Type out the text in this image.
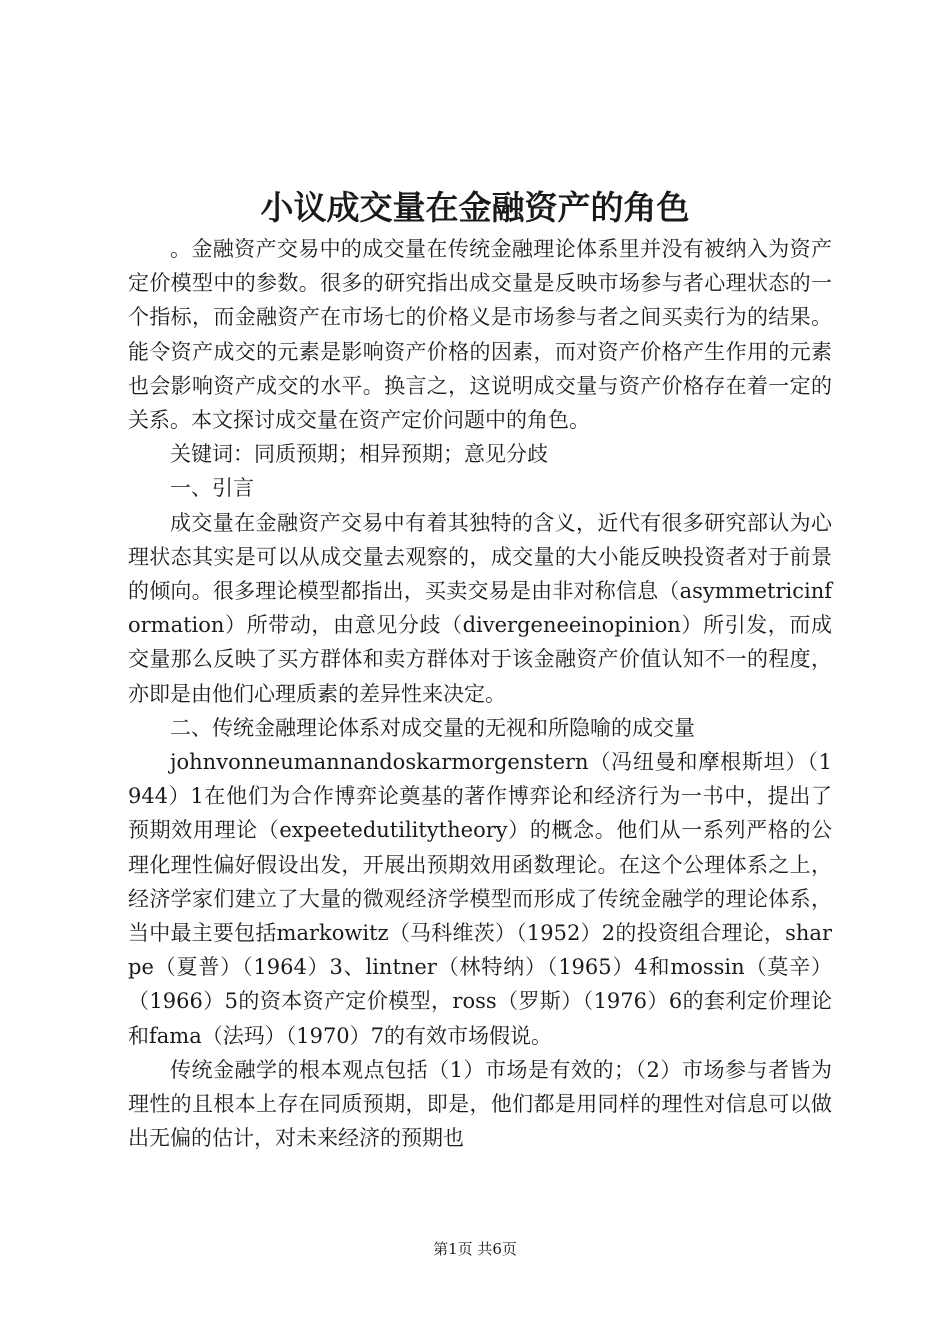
小议成交量在金融资产的角色

。金融资产交易中的成交量在传统金融理论体系里并没有被纳入为资产定价模型中的参数。很多的研究指出成交量是反映市场参与者心理状态的一个指标，而金融资产在市场七的价格义是市场参与者之间买卖行为的结果。能令资产成交的元素是影响资产价格的因素，而对资产价格产生作用的元素也会影响资产成交的水平。换言之，这说明成交量与资产价格存在着一定的关系。本文探讨成交量在资产定价问题中的角色。

关键词：同质预期；相异预期；意见分歧

一、引言

成交量在金融资产交易中有着其独特的含义，近代有很多研究部认为心理状态其实是可以从成交量去观察的，成交量的大小能反映投资者对于前景的倾向。很多理论模型都指出，买卖交易是由非对称信息（asymmetricinformation）所带动，由意见分歧（divergeneeinopinion）所引发，而成交量那么反映了买方群体和卖方群体对于该金融资产价值认知不一的程度，亦即是由他们心理质素的差异性来决定。

二、传统金融理论体系对成交量的无视和所隐喻的成交量

johnvonneumannandoskarmorgenstern（冯纽曼和摩根斯坦）（1944）1在他们为合作博弈论奠基的著作博弈论和经济行为一书中，提出了预期效用理论（expeetedutilitytheory）的概念。他们从一系列严格的公理化理性偏好假设出发，开展出预期效用函数理论。在这个公理体系之上，经济学家们建立了大量的微观经济学模型而形成了传统金融学的理论体系，当中最主要包括markowitz（马科维茨）（1952）2的投资组合理论，sharpe（夏普）（1964）3、lintner（林特纳）（1965）4和mossin（莫辛）（1966）5的资本资产定价模型，ross（罗斯）（1976）6的套利定价理论和fama（法玛）（1970）7的有效市场假说。

传统金融学的根本观点包括（1）市场是有效的；（2）市场参与者皆为理性的且根本上存在同质预期，即是，他们都是用同样的理性对信息可以做出无偏的估计，对未来经济的预期也

第1页 共6页
